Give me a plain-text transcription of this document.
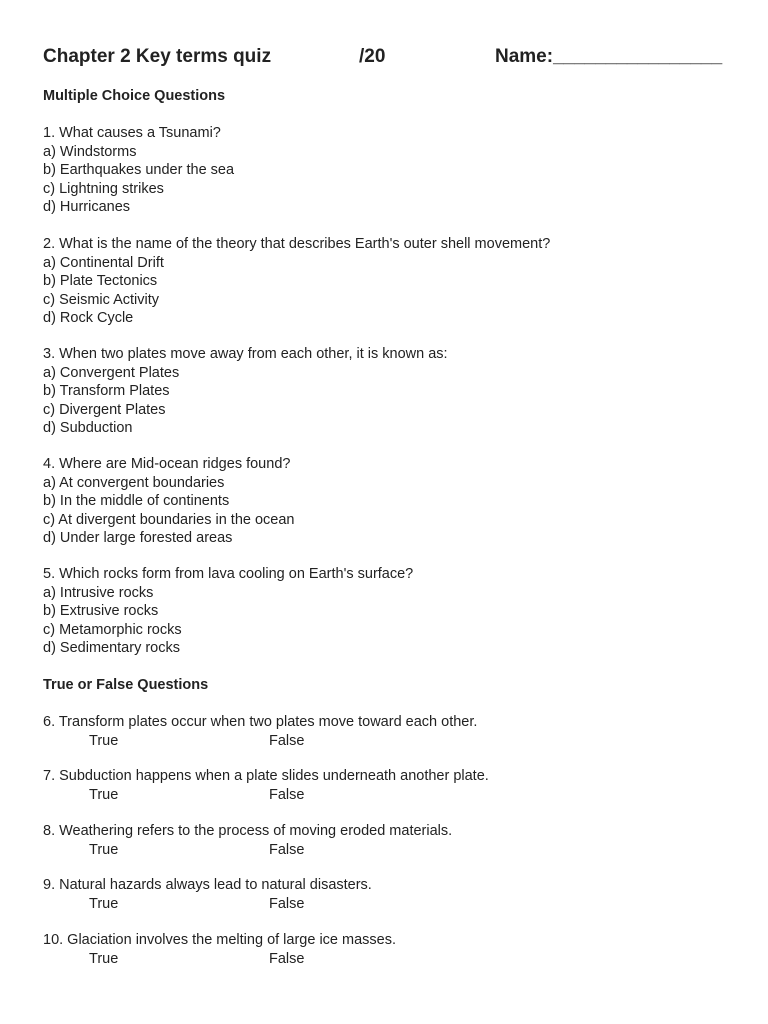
Chapter 2 Key terms quiz	/20	Name:________________
Multiple Choice Questions
1. What causes a Tsunami?
a) Windstorms
b) Earthquakes under the sea
c) Lightning strikes
d) Hurricanes
2. What is the name of the theory that describes Earth's outer shell movement?
a) Continental Drift
b) Plate Tectonics
c) Seismic Activity
d) Rock Cycle
3. When two plates move away from each other, it is known as:
a) Convergent Plates
b) Transform Plates
c) Divergent Plates
d) Subduction
4. Where are Mid-ocean ridges found?
a) At convergent boundaries
b) In the middle of continents
c) At divergent boundaries in the ocean
d) Under large forested areas
5. Which rocks form from lava cooling on Earth's surface?
a) Intrusive rocks
b) Extrusive rocks
c) Metamorphic rocks
d) Sedimentary rocks
True or False Questions
6. Transform plates occur when two plates move toward each other.
True	False
7. Subduction happens when a plate slides underneath another plate.
True	False
8. Weathering refers to the process of moving eroded materials.
True	False
9. Natural hazards always lead to natural disasters.
True	False
10. Glaciation involves the melting of large ice masses.
True	False
